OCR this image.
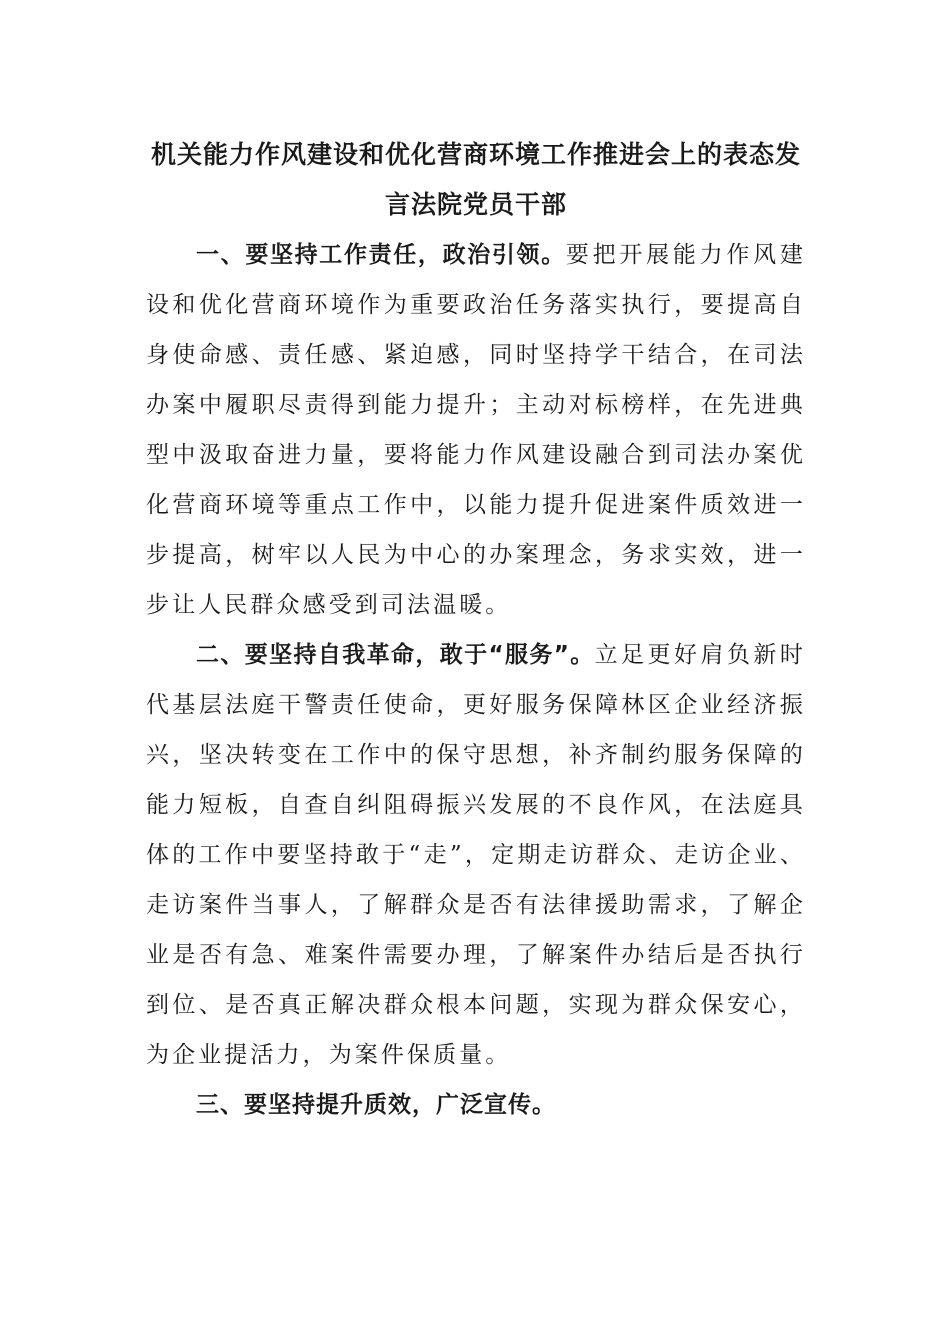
机关能力作风建设和优化营商环境工作推进会上的表态发
言法院党员干部

一、要坚持工作责任，政治引领。要把开展能力作风建设和优化营商环境作为重要政治任务落实执行，要提高自身使命感、责任感、紧迫感，同时坚持学干结合，在司法办案中履职尽责得到能力提升；主动对标榜样，在先进典型中汲取奋进力量，要将能力作风建设融合到司法办案优化营商环境等重点工作中，以能力提升促进案件质效进一步提高，树牢以人民为中心的办案理念，务求实效，进一步让人民群众感受到司法温暖。

二、要坚持自我革命，敢于“服务”。立足更好肩负新时代基层法庭干警责任使命，更好服务保障林区企业经济振兴，坚决转变在工作中的保守思想，补齐制约服务保障的能力短板，自查自纠阻碍振兴发展的不良作风，在法庭具体的工作中要坚持敢于“走”，定期走访群众、走访企业、走访案件当事人，了解群众是否有法律援助需求，了解企业是否有急、难案件需要办理，了解案件办结后是否执行到位、是否真正解决群众根本问题，实现为群众保安心，为企业提活力，为案件保质量。

三、要坚持提升质效，广泛宣传。
